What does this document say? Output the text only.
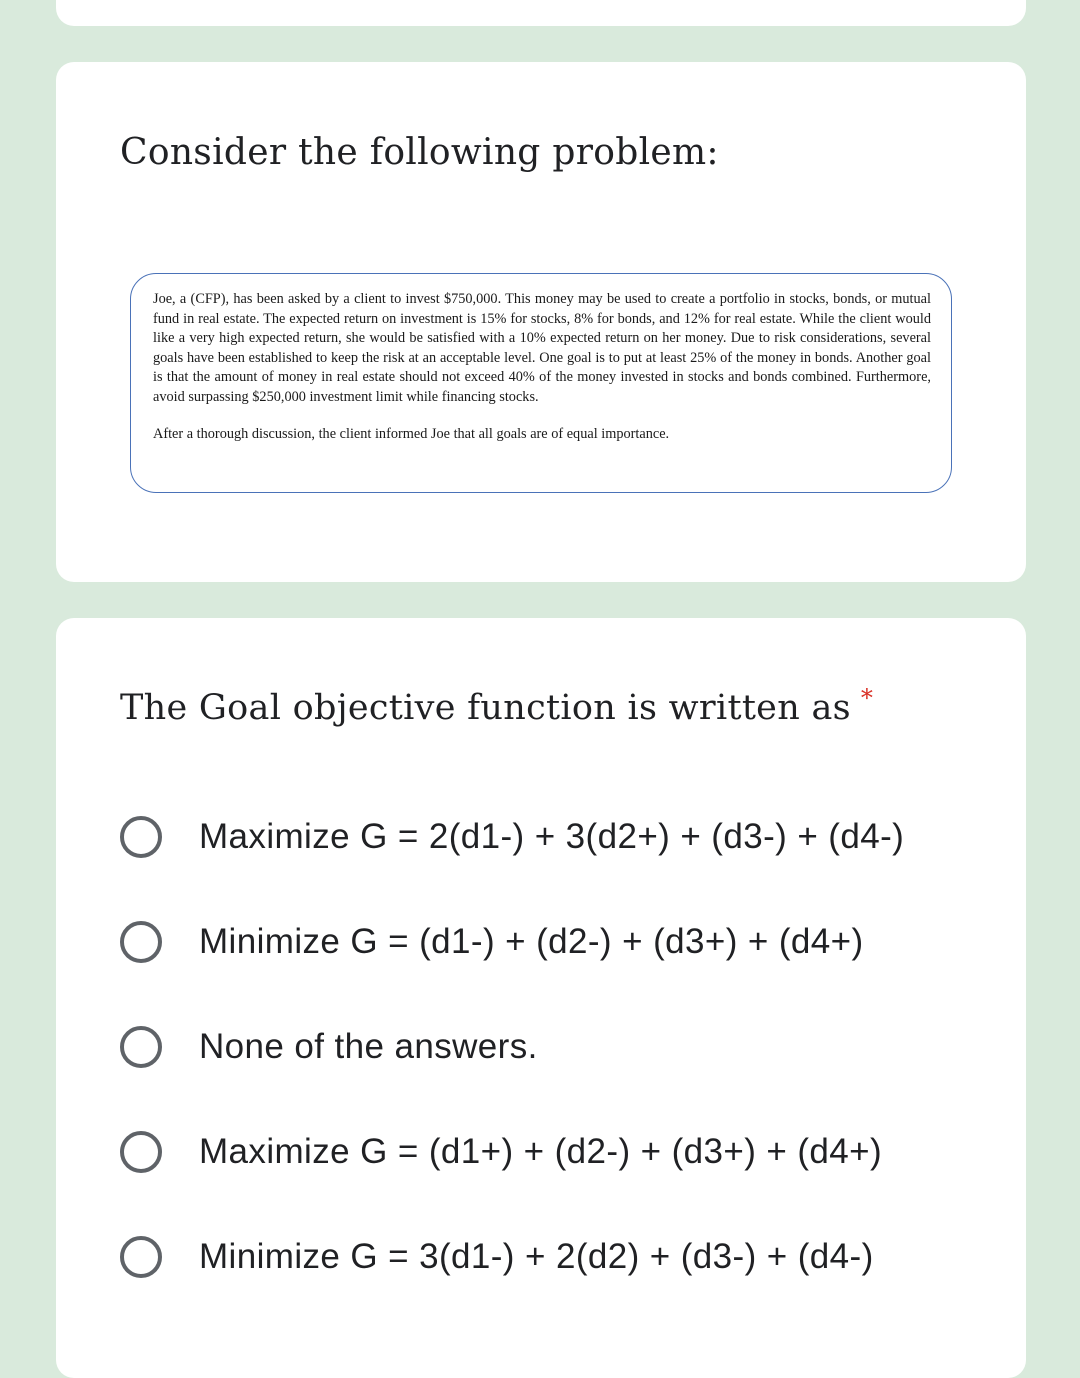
Consider the following problem:

Joe, a (CFP), has been asked by a client to invest $750,000. This money may be used to create a portfolio in stocks, bonds, or mutual fund in real estate. The expected return on investment is 15% for stocks, 8% for bonds, and 12% for real estate. While the client would like a very high expected return, she would be satisfied with a 10% expected return on her money. Due to risk considerations, several goals have been established to keep the risk at an acceptable level. One goal is to put at least 25% of the money in bonds. Another goal is that the amount of money in real estate should not exceed 40% of the money invested in stocks and bonds combined. Furthermore, avoid surpassing $250,000 investment limit while financing stocks.

After a thorough discussion, the client informed Joe that all goals are of equal importance.

The Goal objective function is written as *
Maximize G = 2(d1-) + 3(d2+) + (d3-) + (d4-)
Minimize G = (d1-) + (d2-) + (d3+) + (d4+)
None of the answers.
Maximize G = (d1+) + (d2-) + (d3+) + (d4+)
Minimize G = 3(d1-) + 2(d2) + (d3-) + (d4-)
